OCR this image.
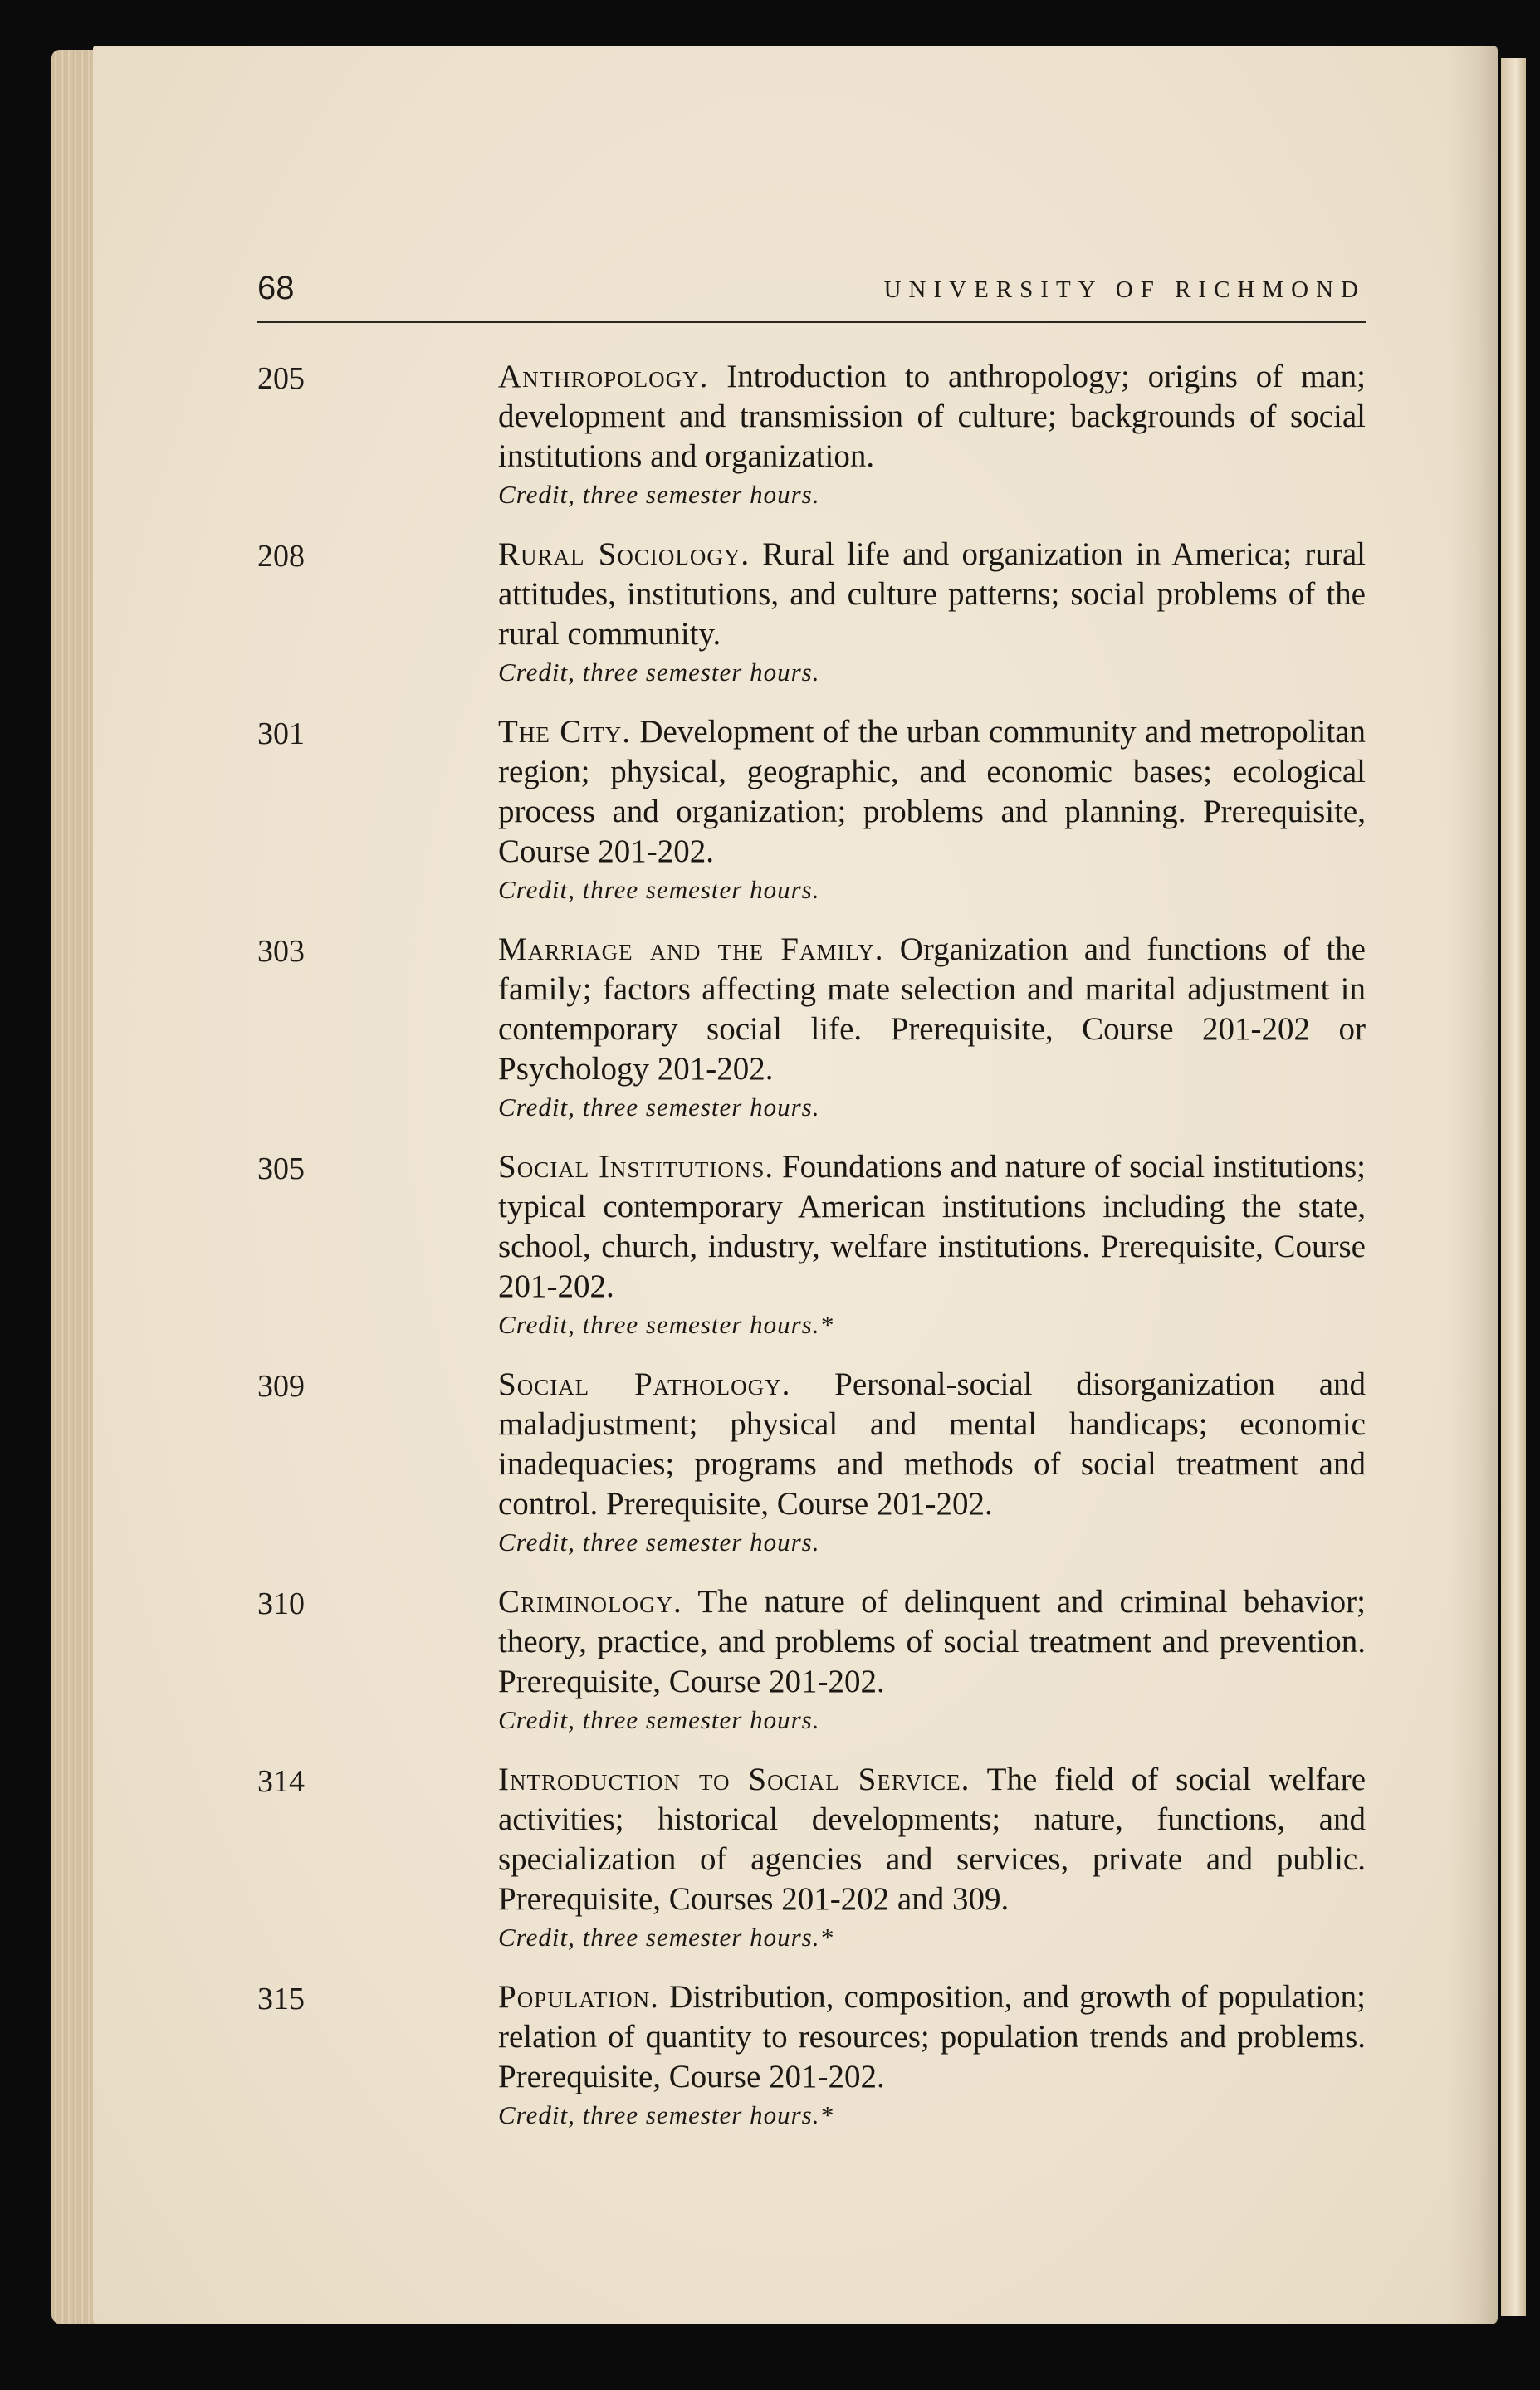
68	UNIVERSITY OF RICHMOND
205	Anthropology. Introduction to anthropology; origins of man; development and transmission of culture; backgrounds of social institutions and organization.
Credit, three semester hours.
208	Rural Sociology. Rural life and organization in America; rural attitudes, institutions, and culture patterns; social problems of the rural community.
Credit, three semester hours.
301	The City. Development of the urban community and metropolitan region; physical, geographic, and economic bases; ecological process and organization; problems and planning. Prerequisite, Course 201-202.
Credit, three semester hours.
303	Marriage and the Family. Organization and functions of the family; factors affecting mate selection and marital adjustment in contemporary social life. Prerequisite, Course 201-202 or Psychology 201-202.
Credit, three semester hours.
305	Social Institutions. Foundations and nature of social institutions; typical contemporary American institutions including the state, school, church, industry, welfare institutions. Prerequisite, Course 201-202.
Credit, three semester hours.*
309	Social Pathology. Personal-social disorganization and maladjustment; physical and mental handicaps; economic inadequacies; programs and methods of social treatment and control. Prerequisite, Course 201-202.
Credit, three semester hours.
310	Criminology. The nature of delinquent and criminal behavior; theory, practice, and problems of social treatment and prevention. Prerequisite, Course 201-202.
Credit, three semester hours.
314	Introduction to Social Service. The field of social welfare activities; historical developments; nature, functions, and specialization of agencies and services, private and public. Prerequisite, Courses 201-202 and 309.
Credit, three semester hours.*
315	Population. Distribution, composition, and growth of population; relation of quantity to resources; population trends and problems. Prerequisite, Course 201-202.
Credit, three semester hours.*
